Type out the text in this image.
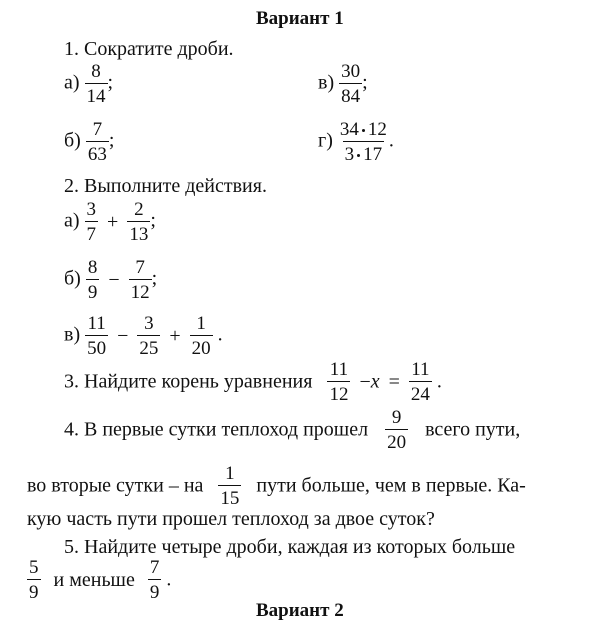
Вариант 1
1. Сократите дроби.
$а) \frac{8}{14}$ ;	$в) \frac{30}{84}$ ;
$б) \frac{7}{63}$ ;	$г) \frac{34 12}{3 17}$ .
2. Выполните действия.
$а) \frac{3}{7} + \frac{2}{13}$ ;
$б) \frac{8}{9} - \frac{7}{12}$ ;
$в) \frac{11}{50} - \frac{3}{25} + \frac{1}{20}$ .
3. Найдите корень уравнения $\frac{11}{12} -x = \frac{11}{24}$ .
4. В первые сутки теплоход прошел $\frac{9}{20}$ всего пути,
во вторые сутки – на $\frac{1}{15}$ пути больше, чем в первые. Ка-
кую часть пути прошел теплоход за двое суток?
5. Найдите четыре дроби, каждая из которых больше
$\frac{5}{9}$ и меньше $\frac{7}{9}$ .
Вариант 2
